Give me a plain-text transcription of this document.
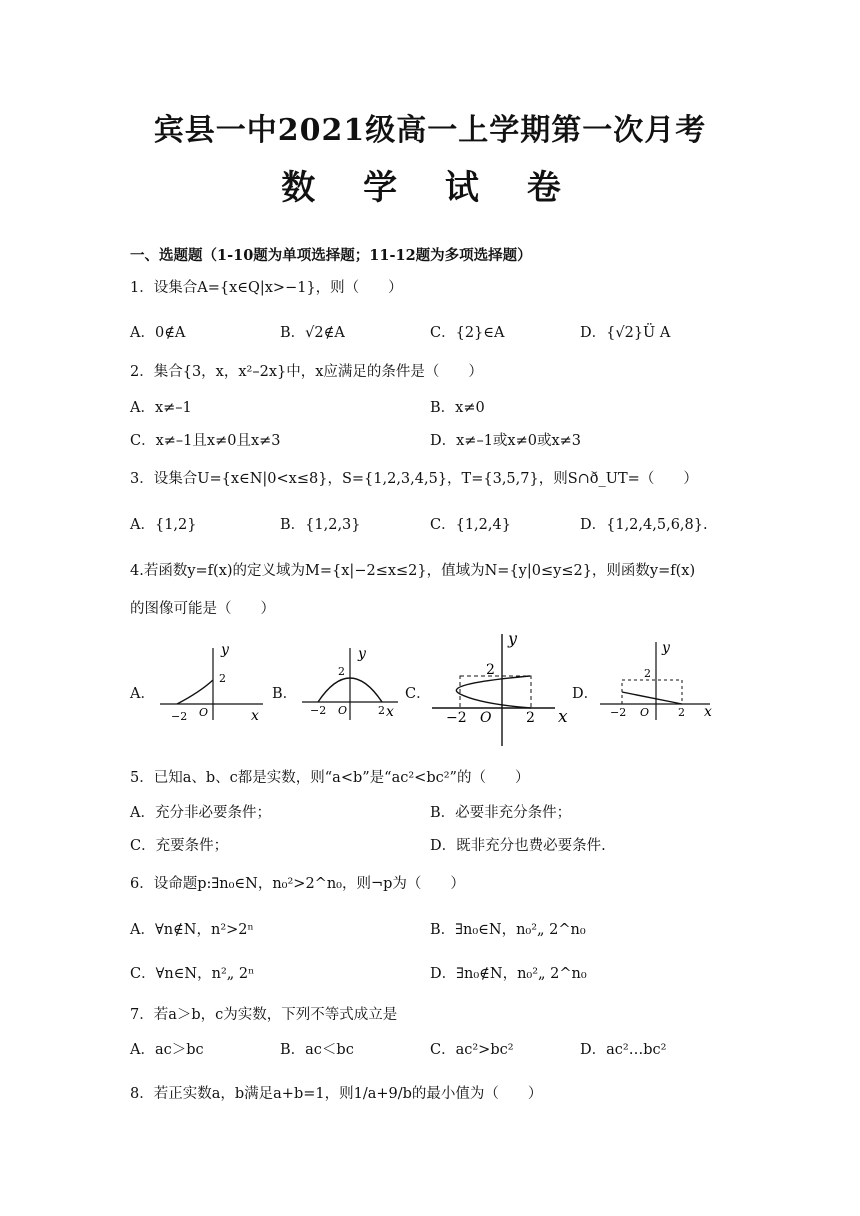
宾县一中2021级高一上学期第一次月考
数 学 试 卷
一、选题题（1-10题为单项选择题；11-12题为多项选择题）
1．设集合A={x∈Q|x>−1}，则（　　）
A．0∉A	B．√2∉A	C．{2}∈A	D．{√2}Ü A
2．集合{3，x，x²–2x}中，x应满足的条件是（　　）
A．x≠–1	B．x≠0
C．x≠–1且x≠0且x≠3	D．x≠–1或x≠0或x≠3
3．设集合U={x∈N|0<x≤8}，S={1,2,3,4,5}，T={3,5,7}，则S∩ð_UT=（　　）
A．{1,2}	B．{1,2,3}	C．{1,2,4}	D．{1,2,4,5,6,8}.
4.若函数y=f(x)的定义域为M={x|−2≤x≤2}，值域为N={y|0≤y≤2}，则函数y=f(x)
的图像可能是（　　）
A．	B．	C．	D．
y
x
O
2
−2
y
x
O
2
−2	2
y
x
O
2
−2	2
y
x
O
2
−2	2
5．已知a、b、c都是实数，则“a<b”是“ac²<bc²”的（　　）
A．充分非必要条件；	B．必要非充分条件；
C．充要条件；	D．既非充分也费必要条件.
6．设命题p:∃n₀∈N，n₀²>2^n₀，则¬p为（　　）
A．∀n∉N，n²>2ⁿ	B．∃n₀∈N，n₀²„ 2^n₀
C．∀n∈N，n²„ 2ⁿ	D．∃n₀∉N，n₀²„ 2^n₀
7．若a＞b，c为实数，下列不等式成立是
A．ac＞bc	B．ac＜bc	C．ac²>bc²	D．ac²…bc²
8．若正实数a，b满足a+b=1，则1/a+9/b的最小值为（　　）
